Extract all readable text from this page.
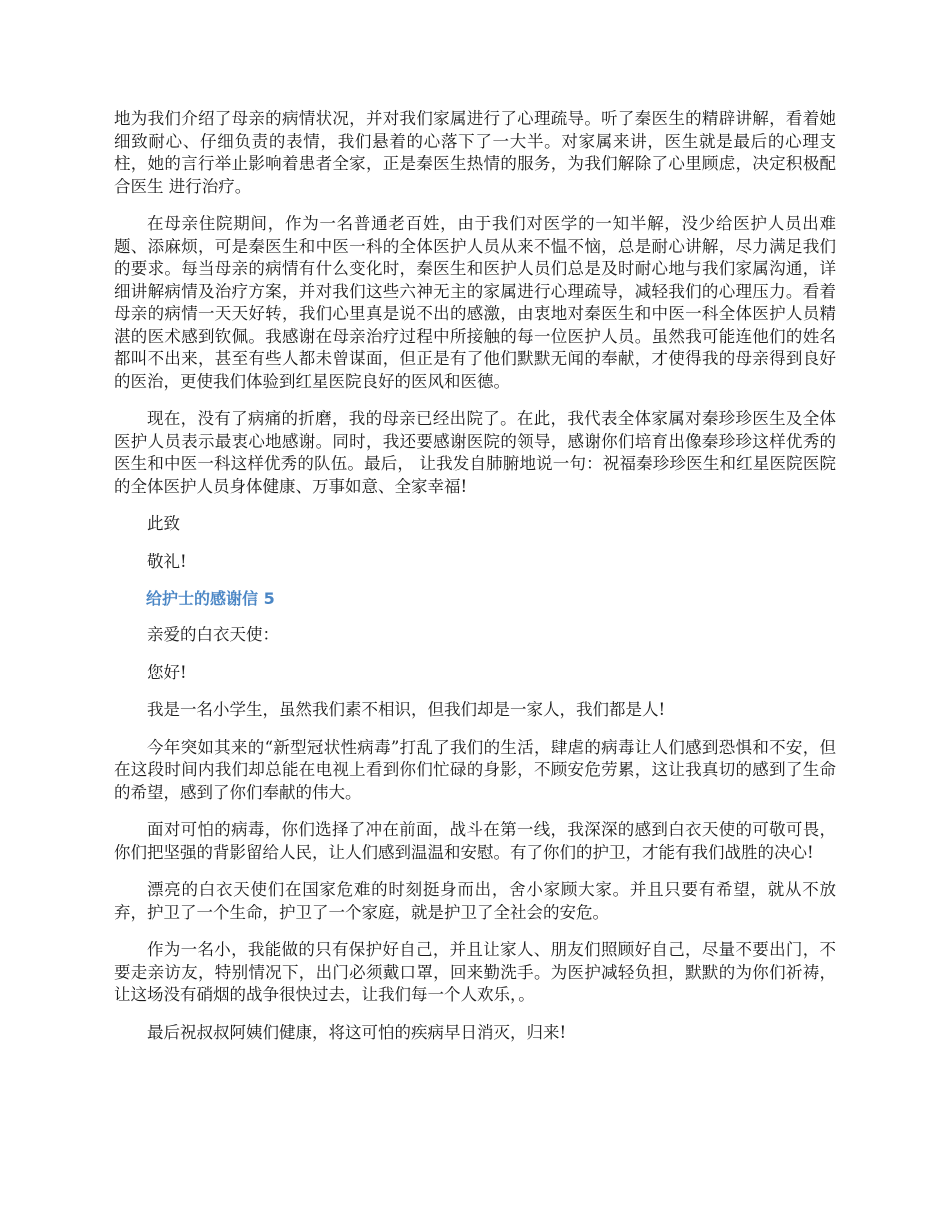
地为我们介绍了母亲的病情状况，并对我们家属进行了心理疏导。听了秦医生的精辟讲解，看着她细致耐心、仔细负责的表情，我们悬着的心落下了一大半。对家属来讲，医生就是最后的心理支柱，她的言行举止影响着患者全家，正是秦医生热情的服务，为我们解除了心里顾虑，决定积极配合医生 进行治疗。

在母亲住院期间，作为一名普通老百姓，由于我们对医学的一知半解，没少给医护人员出难题、添麻烦，可是秦医生和中医一科的全体医护人员从来不愠不恼，总是耐心讲解，尽力满足我们的要求。每当母亲的病情有什么变化时，秦医生和医护人员们总是及时耐心地与我们家属沟通，详细讲解病情及治疗方案，并对我们这些六神无主的家属进行心理疏导，减轻我们的心理压力。看着母亲的病情一天天好转，我们心里真是说不出的感激，由衷地对秦医生和中医一科全体医护人员精湛的医术感到钦佩。我感谢在母亲治疗过程中所接触的每一位医护人员。虽然我可能连他们的姓名都叫不出来，甚至有些人都未曾谋面，但正是有了他们默默无闻的奉献，才使得我的母亲得到良好的医治，更使我们体验到红星医院良好的医风和医德。

现在，没有了病痛的折磨，我的母亲已经出院了。在此，我代表全体家属对秦珍珍医生及全体医护人员表示最衷心地感谢。同时，我还要感谢医院的领导，感谢你们培育出像秦珍珍这样优秀的医生和中医一科这样优秀的队伍。最后， 让我发自肺腑地说一句：祝福秦珍珍医生和红星医院医院的全体医护人员身体健康、万事如意、全家幸福!

此致

敬礼!

给护士的感谢信 5

亲爱的白衣天使：

您好!

我是一名小学生，虽然我们素不相识，但我们却是一家人，我们都是人!

今年突如其来的“新型冠状性病毒”打乱了我们的生活，肆虐的病毒让人们感到恐惧和不安，但在这段时间内我们却总能在电视上看到你们忙碌的身影，不顾安危劳累，这让我真切的感到了生命的希望，感到了你们奉献的伟大。

面对可怕的病毒，你们选择了冲在前面，战斗在第一线，我深深的感到白衣天使的可敬可畏，你们把坚强的背影留给人民，让人们感到温温和安慰。有了你们的护卫，才能有我们战胜的决心!

漂亮的白衣天使们在国家危难的时刻挺身而出，舍小家顾大家。并且只要有希望，就从不放弃，护卫了一个生命，护卫了一个家庭，就是护卫了全社会的安危。

作为一名小，我能做的只有保护好自己，并且让家人、朋友们照顾好自己，尽量不要出门，不要走亲访友，特别情况下，出门必须戴口罩，回来勤洗手。为医护减轻负担，默默的为你们祈祷，让这场没有硝烟的战争很快过去，让我们每一个人欢乐，。

最后祝叔叔阿姨们健康，将这可怕的疾病早日消灭，归来!
